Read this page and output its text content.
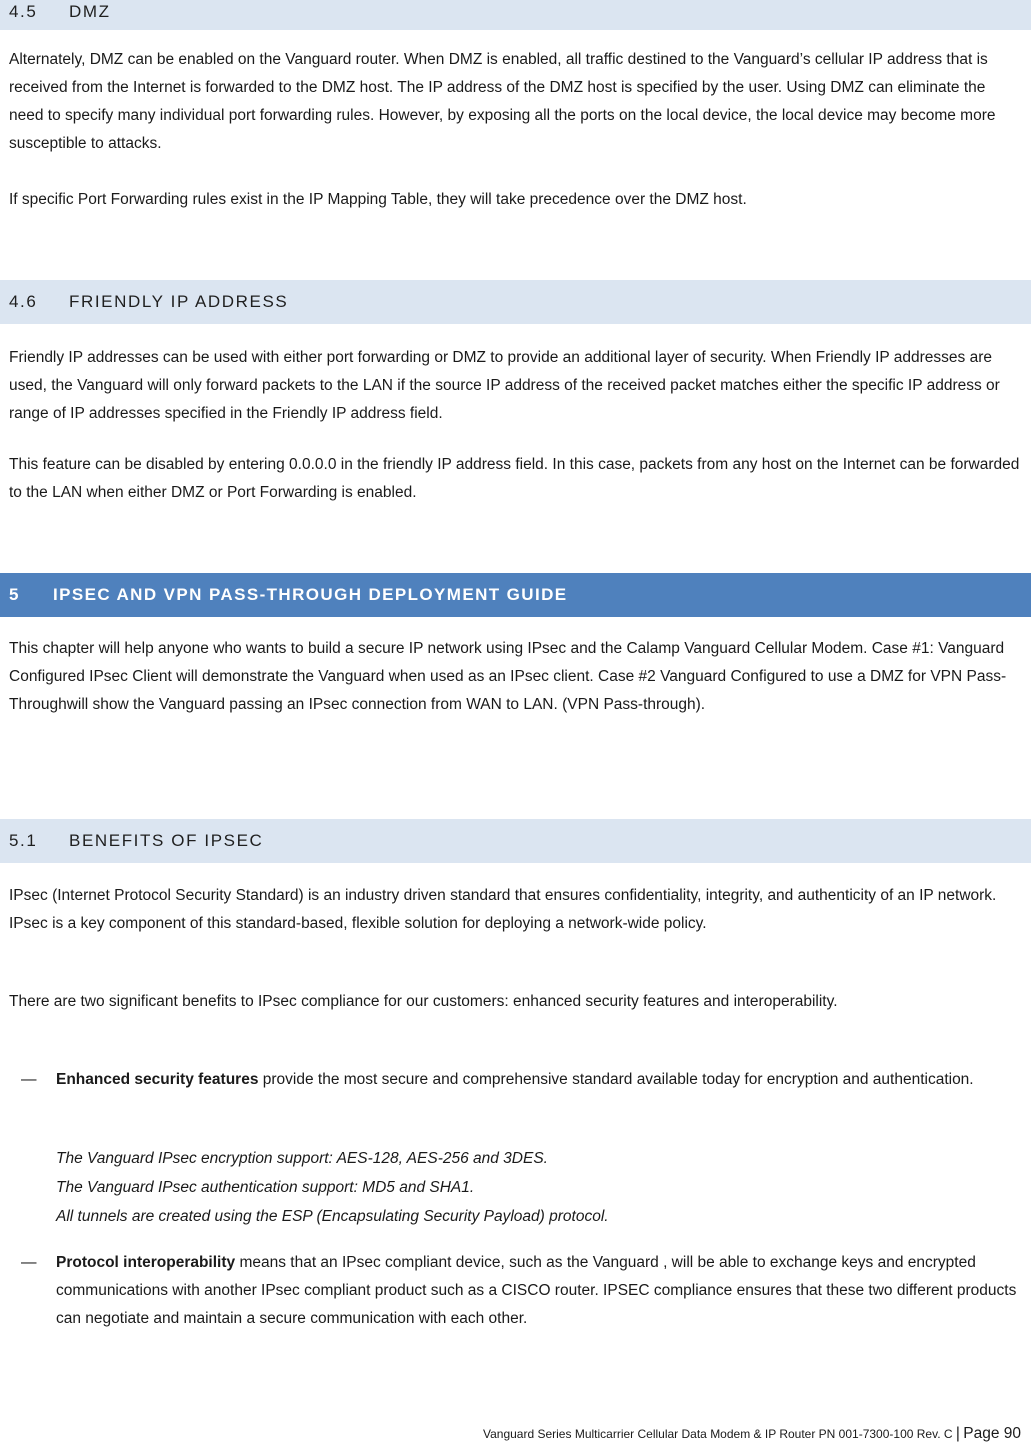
4.5	DMZ

Alternately, DMZ can be enabled on the Vanguard router. When DMZ is enabled, all traffic destined to the Vanguard’s cellular IP address that is received from the Internet is forwarded to the DMZ host. The IP address of the DMZ host is specified by the user. Using DMZ can eliminate the need to specify many individual port forwarding rules. However, by exposing all the ports on the local device, the local device may become more susceptible to attacks.

If specific Port Forwarding rules exist in the IP Mapping Table, they will take precedence over the DMZ host.

4.6	FRIENDLY IP ADDRESS

Friendly IP addresses can be used with either port forwarding or DMZ to provide an additional layer of security. When Friendly IP addresses are used, the Vanguard will only forward packets to the LAN if the source IP address of the received packet matches either the specific IP address or range of IP addresses specified in the Friendly IP address field.

This feature can be disabled by entering 0.0.0.0 in the friendly IP address field. In this case, packets from any host on the Internet can be forwarded to the LAN when either DMZ or Port Forwarding is enabled.

5	IPSEC AND VPN PASS-THROUGH DEPLOYMENT GUIDE

This chapter will help anyone who wants to build a secure IP network using IPsec and the Calamp Vanguard Cellular Modem. Case #1: Vanguard Configured IPsec Client will demonstrate the Vanguard when used as an IPsec client. Case #2 Vanguard Configured to use a DMZ for VPN Pass-Throughwill show the Vanguard passing an IPsec connection from WAN to LAN. (VPN Pass-through).

5.1	BENEFITS OF IPSEC

IPsec (Internet Protocol Security Standard) is an industry driven standard that ensures confidentiality, integrity, and authenticity of an IP network. IPsec is a key component of this standard-based, flexible solution for deploying a network-wide policy.

There are two significant benefits to IPsec compliance for our customers: enhanced security features and interoperability.

— Enhanced security features provide the most secure and comprehensive standard available today for encryption and authentication.
The Vanguard IPsec encryption support: AES-128, AES-256 and 3DES.
The Vanguard IPsec authentication support: MD5 and SHA1.
All tunnels are created using the ESP (Encapsulating Security Payload) protocol.
— Protocol interoperability means that an IPsec compliant device, such as the Vanguard , will be able to exchange keys and encrypted communications with another IPsec compliant product such as a CISCO router. IPSEC compliance ensures that these two different products can negotiate and maintain a secure communication with each other.
Vanguard Series Multicarrier Cellular Data Modem & IP Router PN 001-7300-100 Rev. C | Page 90
